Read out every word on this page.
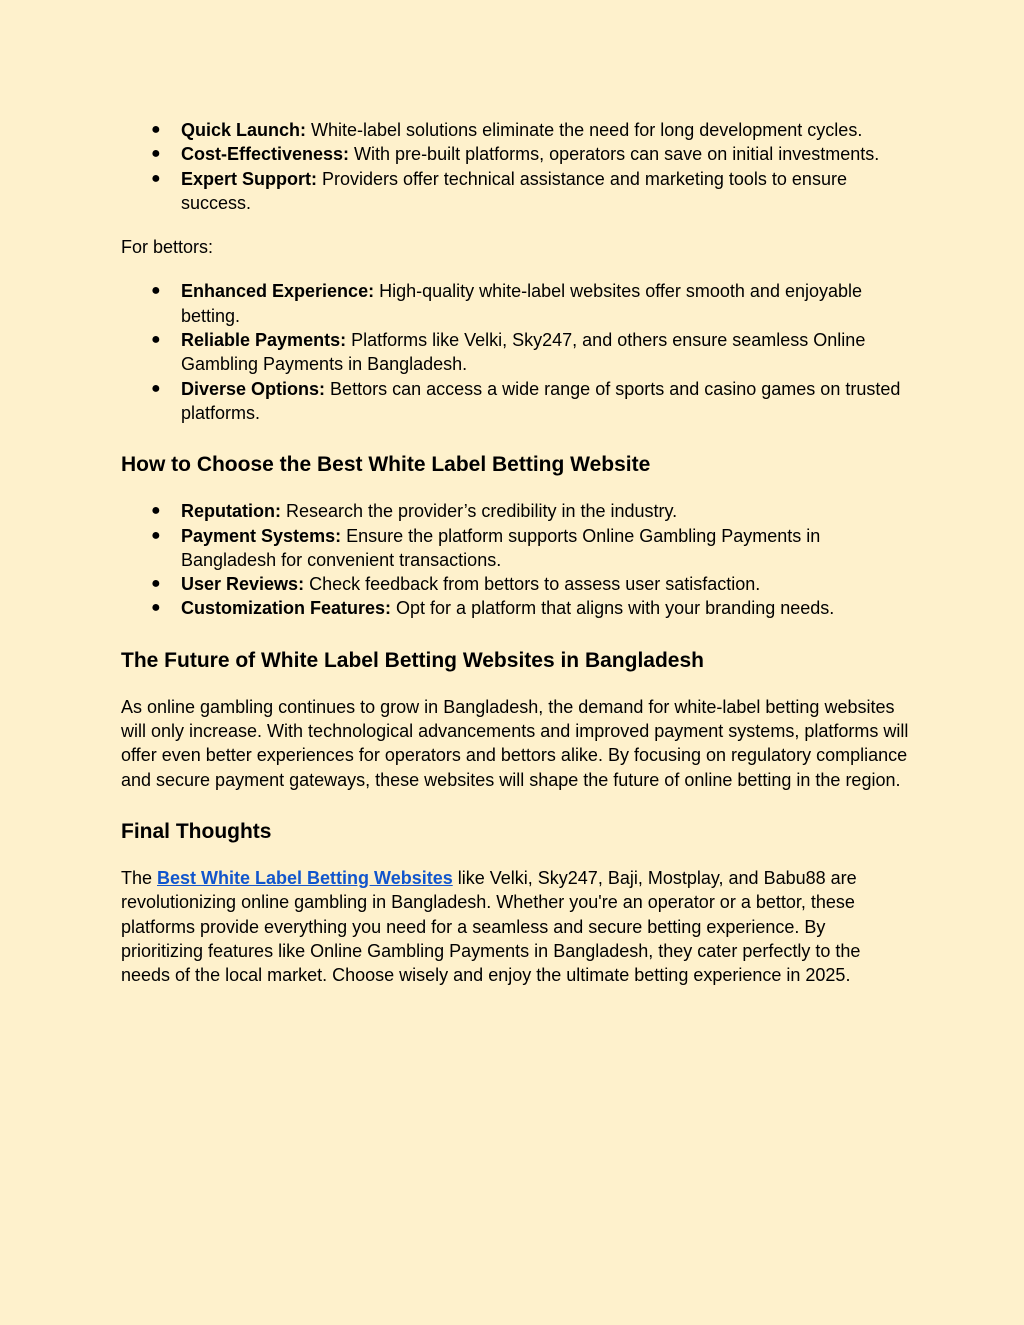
● Quick Launch: White-label solutions eliminate the need for long development cycles.
● Cost-Effectiveness: With pre-built platforms, operators can save on initial investments.
● Expert Support: Providers offer technical assistance and marketing tools to ensure success.

For bettors:

● Enhanced Experience: High-quality white-label websites offer smooth and enjoyable betting.
● Reliable Payments: Platforms like Velki, Sky247, and others ensure seamless Online Gambling Payments in Bangladesh.
● Diverse Options: Bettors can access a wide range of sports and casino games on trusted platforms.
How to Choose the Best White Label Betting Website
● Reputation: Research the provider’s credibility in the industry.
● Payment Systems: Ensure the platform supports Online Gambling Payments in Bangladesh for convenient transactions.
● User Reviews: Check feedback from bettors to assess user satisfaction.
● Customization Features: Opt for a platform that aligns with your branding needs.
The Future of White Label Betting Websites in Bangladesh

As online gambling continues to grow in Bangladesh, the demand for white-label betting websites will only increase. With technological advancements and improved payment systems, platforms will offer even better experiences for operators and bettors alike. By focusing on regulatory compliance and secure payment gateways, these websites will shape the future of online betting in the region.

Final Thoughts

The Best White Label Betting Websites like Velki, Sky247, Baji, Mostplay, and Babu88 are revolutionizing online gambling in Bangladesh. Whether you're an operator or a bettor, these platforms provide everything you need for a seamless and secure betting experience. By prioritizing features like Online Gambling Payments in Bangladesh, they cater perfectly to the needs of the local market. Choose wisely and enjoy the ultimate betting experience in 2025.
